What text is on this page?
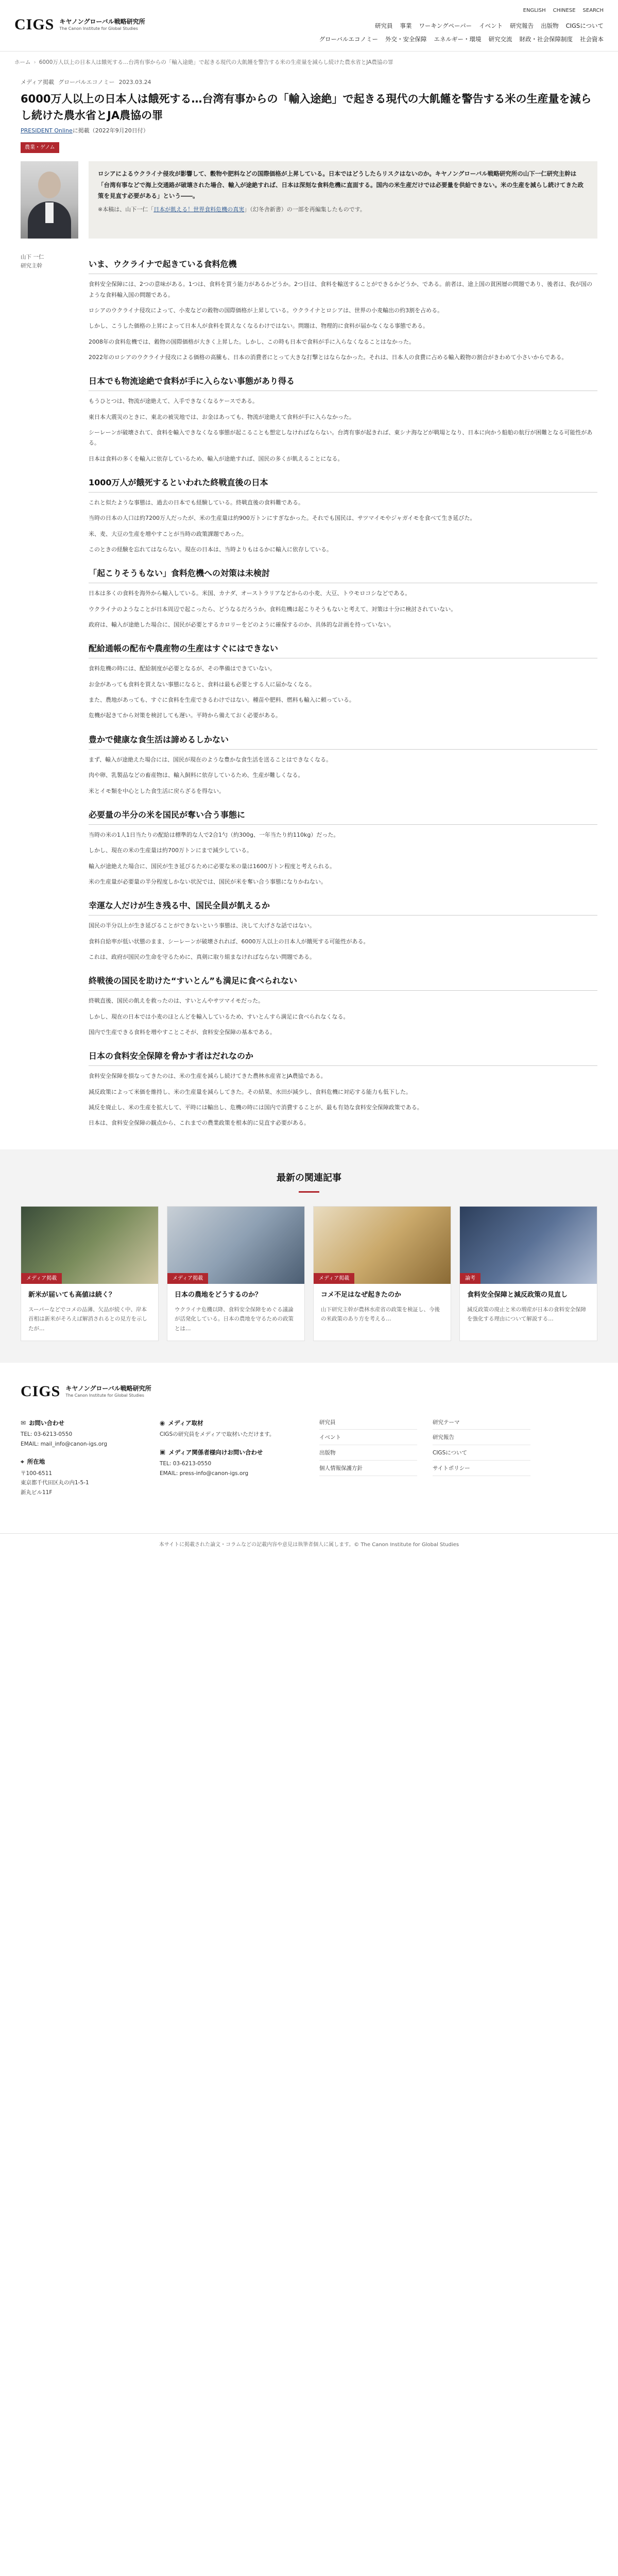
CIGS キヤノングローバル戦略研究所
The Canon Institute for Global Studies
ENGLISH CHINESE SEARCH
研究員 事業 ワーキングペーパー イベント 研究報告 出版物 CIGSについて
グローバルエコノミー 外交・安全保障 エネルギー・環境 研究交流 財政・社会保障制度 社会資本
ホーム › 6000万人以上の日本人は餓死する…台湾有事からの「輸入途絶」で起きる現代の大飢饉を警告する米の生産量を減らし続けた農水省とJA農協の罪
メディア掲載 グローバルエコノミー 2023.03.24
6000万人以上の日本人は餓死する…台湾有事からの「輸入途絶」で起きる現代の大飢饉を警告する米の生産量を減らし続けた農水省とJA農協の罪
PRESIDENT Onlineに掲載（2022年9月20日付）
農業・ゲノム
ロシアによるウクライナ侵攻が影響して、穀物や肥料などの国際価格が上昇している。日本ではどうしたらリスクはないのか。キヤノングローバル戦略研究所の山下一仁研究主幹は「台湾有事などで海上交通路が破壊された場合、輸入が途絶すれば、日本は深刻な食料危機に直面する。国内の米生産だけでは必要量を供給できない。米の生産を減らし続けてきた政策を見直す必要がある」という――。
※本稿は、山下一仁「日本が飢える！世界食料危機の真実」（幻冬舎新書）の一部を再編集したものです。
山下 一仁
研究主幹	いま、ウクライナで起きている食料危機

食料安全保障には、2つの意味がある。1つは、食料を買う能力があるかどうか。2つ目は、食料を輸送することができるかどうか、である。前者は、途上国の貧困層の問題であり、後者は、我が国のような食料輸入国の問題である。

ロシアのウクライナ侵攻によって、小麦などの穀物の国際価格が上昇している。ウクライナとロシアは、世界の小麦輸出の約3割を占める。

しかし、こうした価格の上昇によって日本人が食料を買えなくなるわけではない。問題は、物理的に食料が届かなくなる事態である。

2008年の食料危機では、穀物の国際価格が大きく上昇した。しかし、この時も日本で食料が手に入らなくなることはなかった。

2022年のロシアのウクライナ侵攻による価格の高騰も、日本の消費者にとって大きな打撃とはならなかった。それは、日本人の食費に占める輸入穀物の割合がきわめて小さいからである。

日本でも物流途絶で食料が手に入らない事態があり得る

もうひとつは、物流が途絶えて、入手できなくなるケースである。

東日本大震災のときに、東北の被災地では、お金はあっても、物流が途絶えて食料が手に入らなかった。

シーレーンが破壊されて、食料を輸入できなくなる事態が起こることも想定しなければならない。台湾有事が起きれば、東シナ海などが戦場となり、日本に向かう船舶の航行が困難となる可能性がある。

日本は食料の多くを輸入に依存しているため、輸入が途絶すれば、国民の多くが飢えることになる。

1000万人が餓死するといわれた終戦直後の日本

これと似たような事態は、過去の日本でも経験している。終戦直後の食料難である。

当時の日本の人口は約7200万人だったが、米の生産量は約900万トンにすぎなかった。それでも国民は、サツマイモやジャガイモを食べて生き延びた。

米、麦、大豆の生産を増やすことが当時の政策課題であった。

このときの経験を忘れてはならない。現在の日本は、当時よりもはるかに輸入に依存している。

「起こりそうもない」食料危機への対策は未検討

日本は多くの食料を海外から輸入している。米国、カナダ、オーストラリアなどからの小麦、大豆、トウモロコシなどである。

ウクライナのようなことが日本周辺で起こったら、どうなるだろうか。食料危機は起こりそうもないと考えて、対策は十分に検討されていない。

政府は、輸入が途絶した場合に、国民が必要とするカロリーをどのように確保するのか、具体的な計画を持っていない。

配給通帳の配布や農産物の生産はすぐにはできない

食料危機の時には、配給制度が必要となるが、その準備はできていない。

お金があっても食料を買えない事態になると、食料は最も必要とする人に届かなくなる。

また、農地があっても、すぐに食料を生産できるわけではない。種苗や肥料、燃料も輸入に頼っている。

危機が起きてから対策を検討しても遅い。平時から備えておく必要がある。

豊かで健康な食生活は諦めるしかない

まず、輸入が途絶えた場合には、国民が現在のような豊かな食生活を送ることはできなくなる。

肉や卵、乳製品などの畜産物は、輸入飼料に依存しているため、生産が難しくなる。

米とイモ類を中心とした食生活に戻らざるを得ない。

必要量の半分の米を国民が奪い合う事態に

当時の米の1人1日当たりの配給は標準的な人で2合1勺（約300g、一年当たり約110kg）だった。

しかし、現在の米の生産量は約700万トンにまで減少している。

輸入が途絶えた場合に、国民が生き延びるために必要な米の量は1600万トン程度と考えられる。

米の生産量が必要量の半分程度しかない状況では、国民が米を奪い合う事態になりかねない。

幸運な人だけが生き残る中、国民全員が飢えるか

国民の半分以上が生き延びることができないという事態は、決して大げさな話ではない。

食料自給率が低い状態のまま、シーレーンが破壊されれば、6000万人以上の日本人が餓死する可能性がある。

これは、政府が国民の生命を守るために、真剣に取り組まなければならない問題である。

終戦後の国民を助けた“すいとん”も満足に食べられない

終戦直後、国民の飢えを救ったのは、すいとんやサツマイモだった。

しかし、現在の日本では小麦のほとんどを輸入しているため、すいとんすら満足に食べられなくなる。

国内で生産できる食料を増やすことこそが、食料安全保障の基本である。

日本の食料安全保障を脅かす者はだれなのか

食料安全保障を損なってきたのは、米の生産を減らし続けてきた農林水産省とJA農協である。

減反政策によって米価を維持し、米の生産量を減らしてきた。その結果、水田が減少し、食料危機に対応する能力も低下した。

減反を廃止し、米の生産を拡大して、平時には輸出し、危機の時には国内で消費することが、最も有効な食料安全保障政策である。

日本は、食料安全保障の観点から、これまでの農業政策を根本的に見直す必要がある。

最新の関連記事
メディア掲載
新米が届いても高値は続く？
スーパーなどでコメの品薄、欠品が続く中、岸本首相は新米がそろえば解消されるとの見方を示したが…
メディア掲載
日本の農地をどうするのか？
ウクライナ危機以降、食料安全保障をめぐる議論が活発化している。日本の農地を守るための政策とは…
メディア掲載
コメ不足はなぜ起きたのか
山下研究主幹が農林水産省の政策を検証し、今後の米政策のあり方を考える…
論考
食料安全保障と減反政策の見直し
減反政策の廃止と米の増産が日本の食料安全保障を強化する理由について解説する…
CIGS キヤノングローバル戦略研究所
The Canon Institute for Global Studies
✉ お問い合わせ
TEL: 03-6213-0550
EMAIL: mail_info@canon-igs.org
⌖ 所在地
〒100-6511
東京都千代田区丸の内1-5-1
新丸ビル11F
◉ メディア取材
CIGSの研究員をメディアで取材いただけます。
▣ メディア関係者様向けお問い合わせ
TEL: 03-6213-0550
EMAIL: press-info@canon-igs.org
研究員
イベント
出版物
個人情報保護方針
研究テーマ
研究報告
CIGSについて
サイトポリシー
本サイトに掲載された論文・コラムなどの記載内容や意見は執筆者個人に属します。© The Canon Institute for Global Studies
